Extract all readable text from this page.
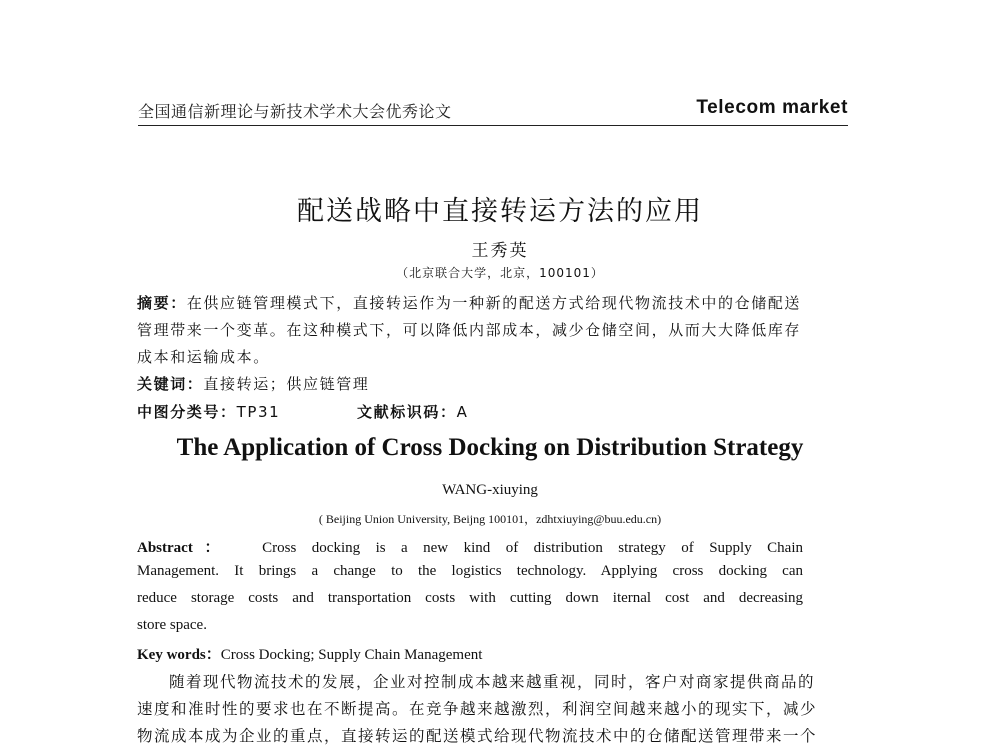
全国通信新理论与新技术学术大会优秀论文	Telecom market
配送战略中直接转运方法的应用
王秀英
（北京联合大学，北京，100101）
摘要：在供应链管理模式下，直接转运作为一种新的配送方式给现代物流技术中的仓储配送
管理带来一个变革。在这种模式下，可以降低内部成本，减少仓储空间，从而大大降低库存
成本和运输成本。
关键词：直接转运；供应链管理
中图分类号：TP31	文献标识码：A
The Application of Cross Docking on Distribution Strategy
WANG-xiuying
( Beijing Union University, Beijng 100101，zdhtxiuying@buu.edu.cn)
Abstract： Cross docking is a new kind of distribution strategy of Supply Chain
Management. It brings a change to the logistics technology. Applying cross docking can
reduce storage costs and transportation costs with cutting down iternal cost and decreasing
store space.
Key words：Cross Docking; Supply Chain Management
随着现代物流技术的发展，企业对控制成本越来越重视，同时，客户对商家提供商品的
速度和准时性的要求也在不断提高。在竞争越来越激烈，利润空间越来越小的现实下，减少
物流成本成为企业的重点，直接转运的配送模式给现代物流技术中的仓储配送管理带来一个
